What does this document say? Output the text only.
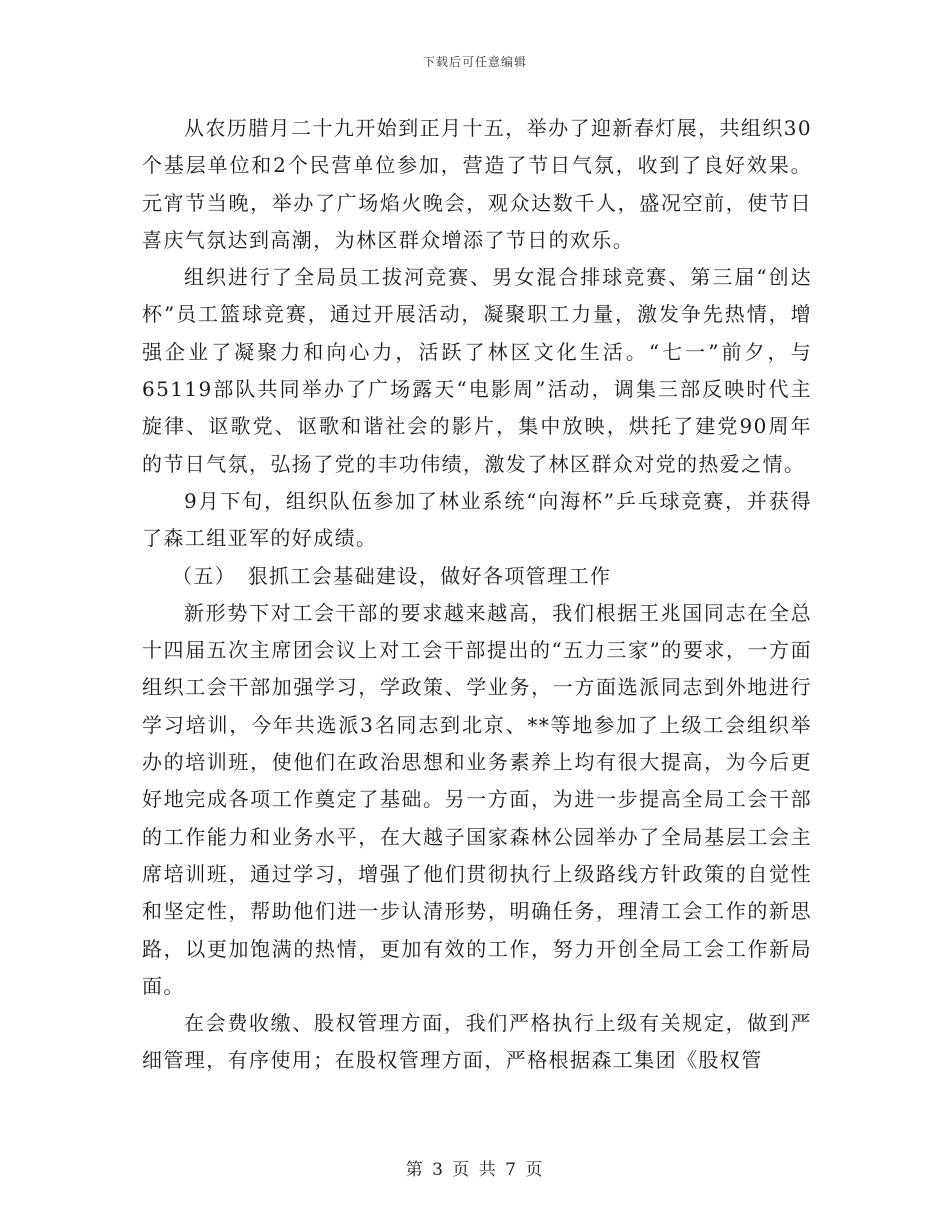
下载后可任意编辑

从农历腊月二十九开始到正月十五，举办了迎新春灯展，共组织30个基层单位和2个民营单位参加，营造了节日气氛，收到了良好效果。元宵节当晚，举办了广场焰火晚会，观众达数千人，盛况空前，使节日喜庆气氛达到高潮，为林区群众增添了节日的欢乐。

组织进行了全局员工拔河竞赛、男女混合排球竞赛、第三届“创达杯”员工篮球竞赛，通过开展活动，凝聚职工力量，激发争先热情，增强企业了凝聚力和向心力，活跃了林区文化生活。“七一”前夕，与65119部队共同举办了广场露天“电影周”活动，调集三部反映时代主旋律、讴歌党、讴歌和谐社会的影片，集中放映，烘托了建党90周年的节日气氛，弘扬了党的丰功伟绩，激发了林区群众对党的热爱之情。

9月下旬，组织队伍参加了林业系统“向海杯”乒乓球竞赛，并获得了森工组亚军的好成绩。

（五）　狠抓工会基础建设，做好各项管理工作

新形势下对工会干部的要求越来越高，我们根据王兆国同志在全总十四届五次主席团会议上对工会干部提出的“五力三家”的要求，一方面组织工会干部加强学习，学政策、学业务，一方面选派同志到外地进行学习培训，今年共选派3名同志到北京、**等地参加了上级工会组织举办的培训班，使他们在政治思想和业务素养上均有很大提高，为今后更好地完成各项工作奠定了基础。另一方面，为进一步提高全局工会干部的工作能力和业务水平，在大越子国家森林公园举办了全局基层工会主席培训班，通过学习，增强了他们贯彻执行上级路线方针政策的自觉性和坚定性，帮助他们进一步认清形势，明确任务，理清工会工作的新思路，以更加饱满的热情，更加有效的工作，努力开创全局工会工作新局面。

在会费收缴、股权管理方面，我们严格执行上级有关规定，做到严细管理，有序使用；在股权管理方面，严格根据森工集团《股权管

第 3 页 共 7 页
